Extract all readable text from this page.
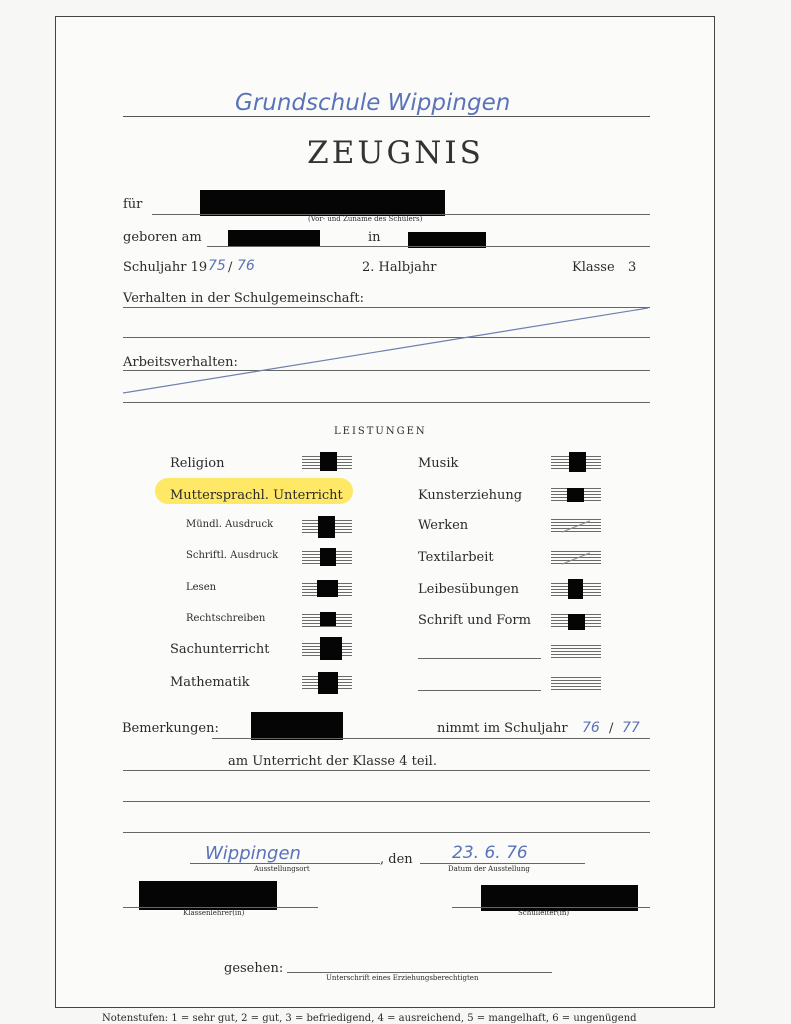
Grundschule Wippingen
ZEUGNIS
für
(Vor- und Zuname des Schülers)
geboren am	in
Schuljahr 19 75 / 76	2. Halbjahr	Klasse 3
Verhalten in der Schulgemeinschaft:
Arbeitsverhalten:
LEISTUNGEN
Religion
Muttersprachl. Unterricht
Mündl. Ausdruck
Schriftl. Ausdruck
Lesen
Rechtschreiben
Sachunterricht
Mathematik
Musik
Kunsterziehung
Werken
Textilarbeit
Leibesübungen
Schrift und Form
Bemerkungen:	nimmt im Schuljahr 76 / 77
am Unterricht der Klasse 4 teil.
Wippingen	, den 23. 6. 76
Ausstellungsort	Datum der Ausstellung
Klassenlehrer(in)	Schulleiter(in)
gesehen:
Unterschrift eines Erziehungsberechtigten
Notenstufen: 1 = sehr gut, 2 = gut, 3 = befriedigend, 4 = ausreichend, 5 = mangelhaft, 6 = ungenügend
